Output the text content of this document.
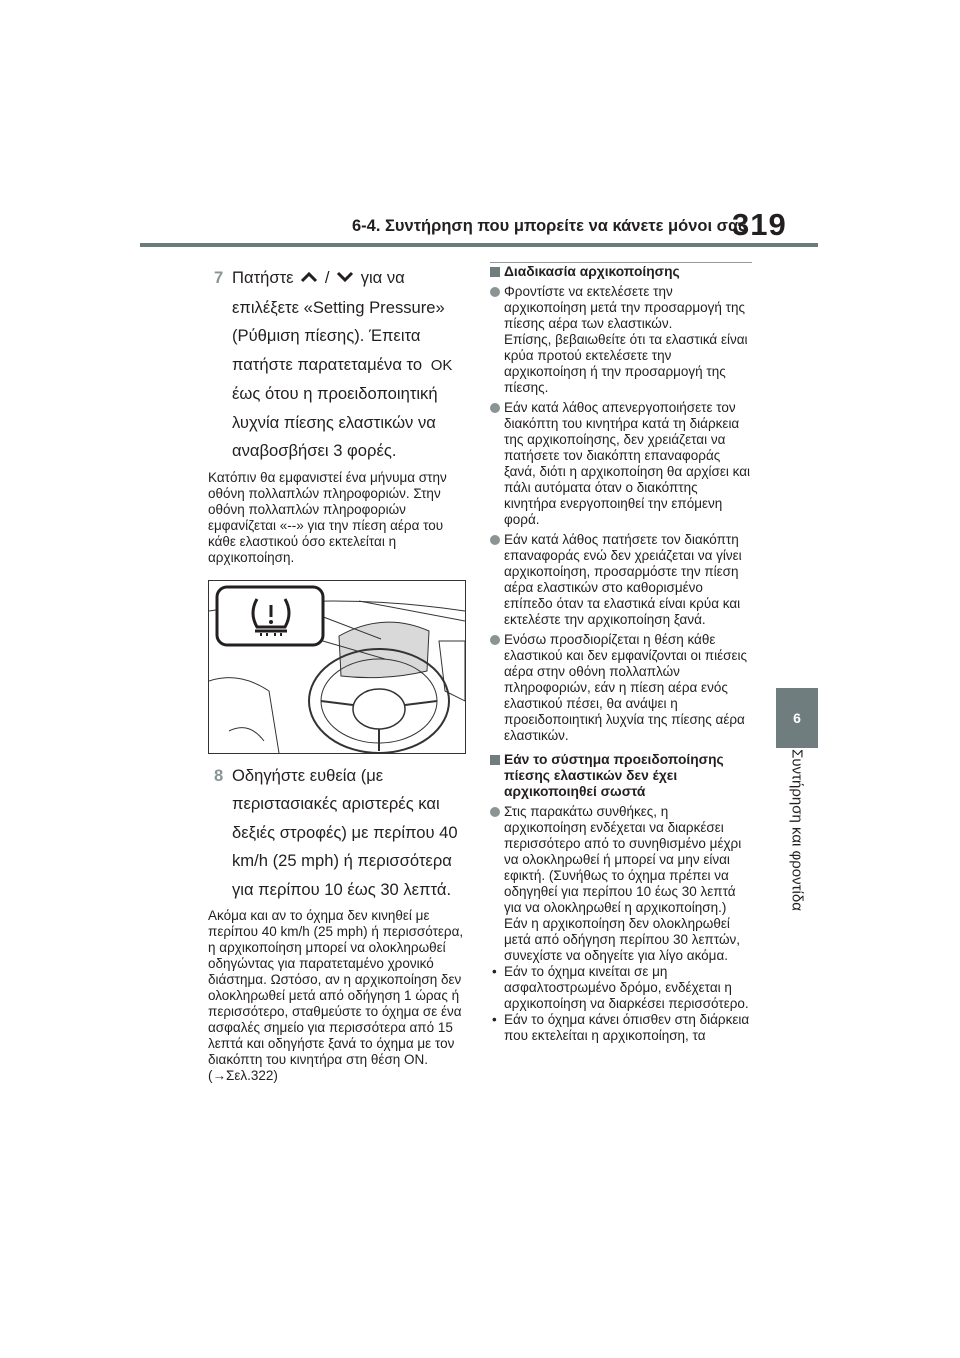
6-4. Συντήρηση που μπορείτε να κάνετε μόνοι σας
319
6
Συντήρηση και φροντίδα
7 Πατήστε / για να επιλέξετε «Setting Pressure» (Ρύθμιση πίεσης). Έπειτα πατήστε παρατεταμένα το OK έως ότου η προειδοποιητική λυχνία πίεσης ελαστικών να αναβοσβήσει 3 φορές.
Κατόπιν θα εμφανιστεί ένα μήνυμα στην οθόνη πολλαπλών πληροφοριών. Στην οθόνη πολλαπλών πληροφοριών εμφανίζεται «--» για την πίεση αέρα του κάθε ελαστικού όσο εκτελείται η αρχικοποίηση.
8 Οδηγήστε ευθεία (με περιστασιακές αριστερές και δεξιές στροφές) με περίπου 40 km/h (25 mph) ή περισσότερα για περίπου 10 έως 30 λεπτά.
Ακόμα και αν το όχημα δεν κινηθεί με περίπου 40 km/h (25 mph) ή περισσότερα, η αρχικοποίηση μπορεί να ολοκληρωθεί οδηγώντας για παρατεταμένο χρονικό διάστημα. Ωστόσο, αν η αρχικοποίηση δεν ολοκληρωθεί μετά από οδήγηση 1 ώρας ή περισσότερο, σταθμεύστε το όχημα σε ένα ασφαλές σημείο για περισσότερα από 15 λεπτά και οδηγήστε ξανά το όχημα με τον διακόπτη του κινητήρα στη θέση ON.
(→Σελ.322)
Διαδικασία αρχικοποίησης
Φροντίστε να εκτελέσετε την αρχικοποίηση μετά την προσαρμογή της πίεσης αέρα των ελαστικών.
Επίσης, βεβαιωθείτε ότι τα ελαστικά είναι κρύα προτού εκτελέσετε την αρχικοποίηση ή την προσαρμογή της πίεσης.
Εάν κατά λάθος απενεργοποιήσετε τον διακόπτη του κινητήρα κατά τη διάρκεια της αρχικοποίησης, δεν χρειάζεται να πατήσετε τον διακόπτη επαναφοράς ξανά, διότι η αρχικοποίηση θα αρχίσει και πάλι αυτόματα όταν ο διακόπτης κινητήρα ενεργοποιηθεί την επόμενη φορά.
Εάν κατά λάθος πατήσετε τον διακόπτη επαναφοράς ενώ δεν χρειάζεται να γίνει αρχικοποίηση, προσαρμόστε την πίεση αέρα ελαστικών στο καθορισμένο επίπεδο όταν τα ελαστικά είναι κρύα και εκτελέστε την αρχικοποίηση ξανά.
Ενόσω προσδιορίζεται η θέση κάθε ελαστικού και δεν εμφανίζονται οι πιέσεις αέρα στην οθόνη πολλαπλών πληροφοριών, εάν η πίεση αέρα ενός ελαστικού πέσει, θα ανάψει η προειδοποιητική λυχνία της πίεσης αέρα ελαστικών.
Εάν το σύστημα προειδοποίησης πίεσης ελαστικών δεν έχει αρχικοποιηθεί σωστά
Στις παρακάτω συνθήκες, η αρχικοποίηση ενδέχεται να διαρκέσει περισσότερο από το συνηθισμένο μέχρι να ολοκληρωθεί ή μπορεί να μην είναι εφικτή. (Συνήθως το όχημα πρέπει να οδηγηθεί για περίπου 10 έως 30 λεπτά για να ολοκληρωθεί η αρχικοποίηση.) Εάν η αρχικοποίηση δεν ολοκληρωθεί μετά από οδήγηση περίπου 30 λεπτών, συνεχίστε να οδηγείτε για λίγο ακόμα.
• Εάν το όχημα κινείται σε μη ασφαλτοστρωμένο δρόμο, ενδέχεται η αρχικοποίηση να διαρκέσει περισσότερο.
• Εάν το όχημα κάνει όπισθεν στη διάρκεια που εκτελείται η αρχικοποίηση, τα
